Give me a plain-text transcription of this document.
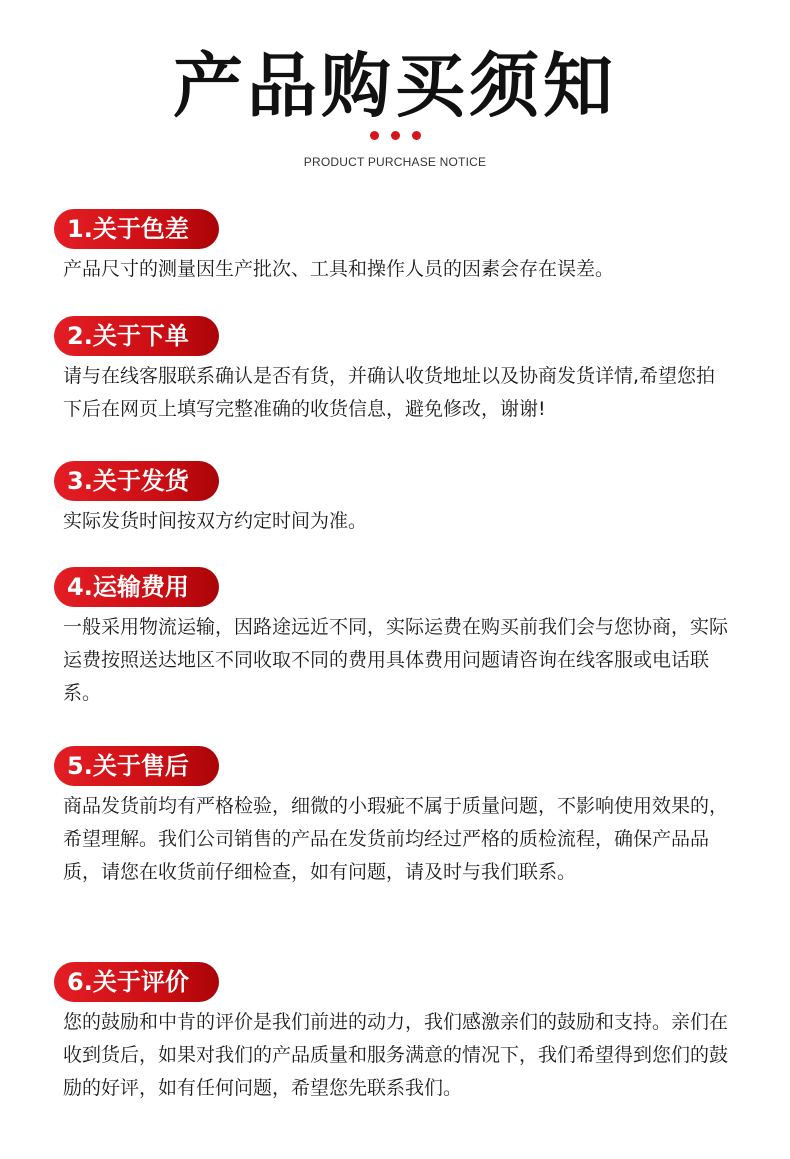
产品购买须知

PRODUCT PURCHASE NOTICE
1.关于色差
产品尺寸的测量因生产批次、工具和操作人员的因素会存在误差。
2.关于下单
请与在线客服联系确认是否有货，并确认收货地址以及协商发货详情,希望您拍下后在网页上填写完整准确的收货信息，避免修改，谢谢!
3.关于发货
实际发货时间按双方约定时间为准。
4.运输费用
一般采用物流运输，因路途远近不同，实际运费在购买前我们会与您协商，实际运费按照送达地区不同收取不同的费用具体费用问题请咨询在线客服或电话联系。
5.关于售后
商品发货前均有严格检验，细微的小瑕疵不属于质量问题，不影响使用效果的，希望理解。我们公司销售的产品在发货前均经过严格的质检流程，确保产品品质，请您在收货前仔细检查，如有问题，请及时与我们联系。
6.关于评价
您的鼓励和中肯的评价是我们前进的动力，我们感激亲们的鼓励和支持。亲们在收到货后，如果对我们的产品质量和服务满意的情况下，我们希望得到您们的鼓励的好评，如有任何问题，希望您先联系我们。
